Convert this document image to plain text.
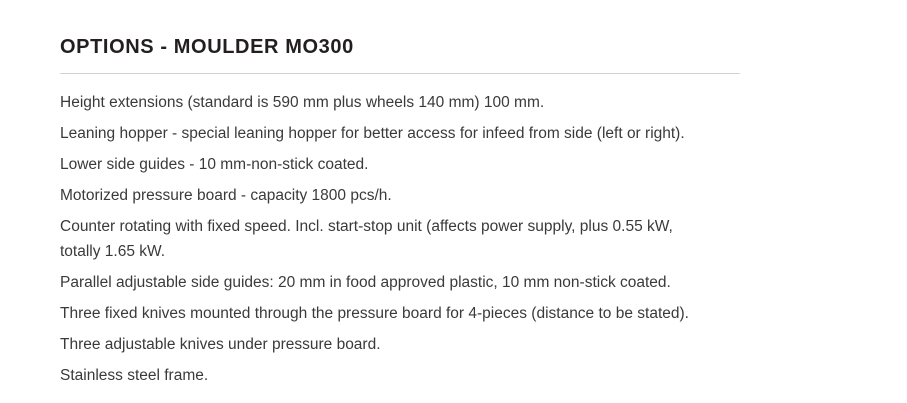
OPTIONS - MOULDER MO300
Height extensions (standard is 590 mm plus wheels 140 mm) 100 mm.
Leaning hopper - special leaning hopper for better access for infeed from side (left or right).
Lower side guides - 10 mm-non-stick coated.
Motorized pressure board - capacity 1800 pcs/h.
Counter rotating with fixed speed. Incl. start-stop unit (affects power supply, plus 0.55 kW, totally 1.65 kW.
Parallel adjustable side guides: 20 mm in food approved plastic, 10 mm non-stick coated.
Three fixed knives mounted through the pressure board for 4-pieces (distance to be stated).
Three adjustable knives under pressure board.
Stainless steel frame.
